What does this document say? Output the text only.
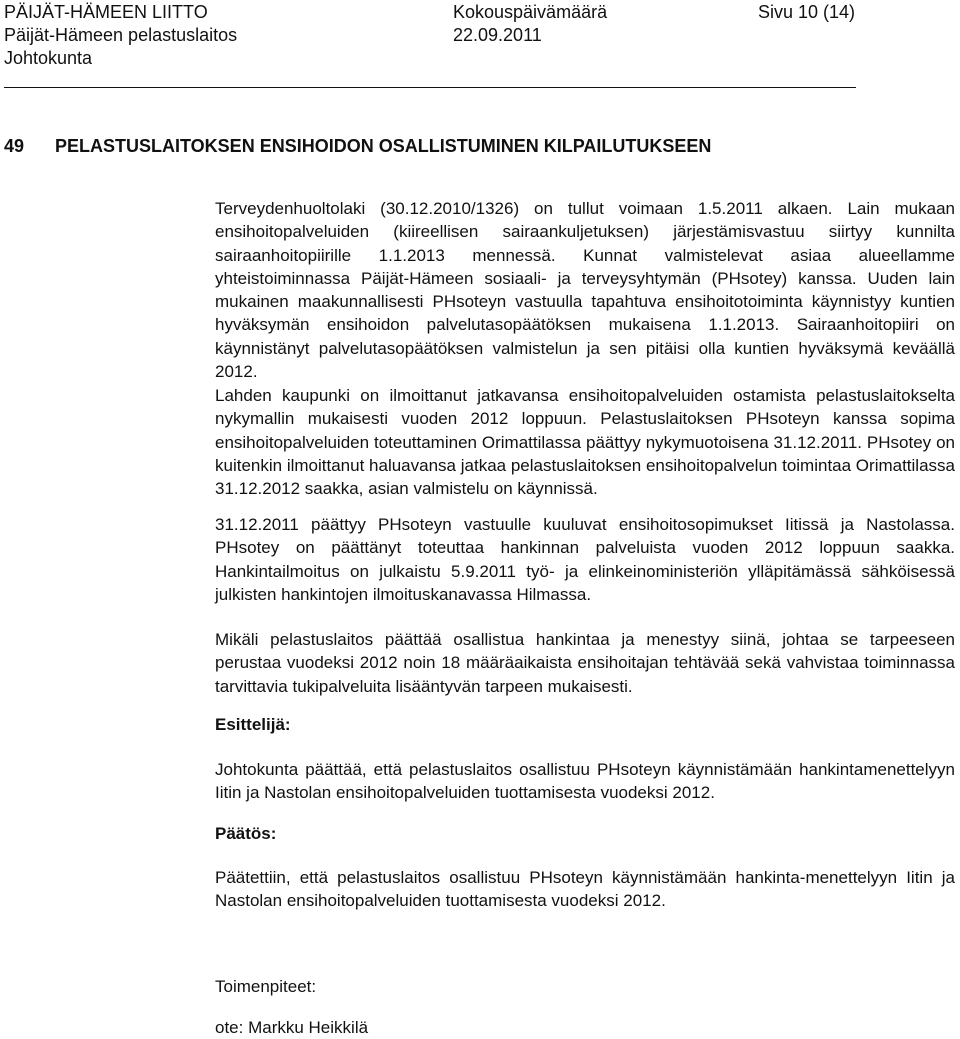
PÄIJÄT-HÄMEEN LIITTO
Päijät-Hämeen pelastuslaitos
Johtokunta
Kokouspäivämäärä
22.09.2011
Sivu 10 (14)
49 PELASTUSLAITOKSEN ENSIHOIDON OSALLISTUMINEN KILPAILUTUKSEEN
Terveydenhuoltolaki (30.12.2010/1326) on tullut voimaan 1.5.2011 alkaen. Lain mukaan ensihoitopalveluiden (kiireellisen sairaankuljetuksen) järjestämisvastuu siirtyy kunnilta sairaanhoitopiirille 1.1.2013 mennessä. Kunnat valmistelevat asiaa alueellamme yhteistoiminnassa Päijät-Hämeen sosiaali- ja terveysyhtymän (PHsotey) kanssa. Uuden lain mukainen maakunnallisesti PHsoteyn vastuulla tapahtuva ensihoitotoiminta käynnistyy kuntien hyväksymän ensihoidon palvelutasopäätöksen mukaisena 1.1.2013. Sairaanhoitopiiri on käynnistänyt palvelutasopäätöksen valmistelun ja sen pitäisi olla kuntien hyväksymä keväällä 2012.
Lahden kaupunki on ilmoittanut jatkavansa ensihoitopalveluiden ostamista pelastuslaitokselta nykymallin mukaisesti vuoden 2012 loppuun. Pelastuslaitoksen PHsoteyn kanssa sopima ensihoitopalveluiden toteuttaminen Orimattilassa päättyy nykymuotoisena 31.12.2011. PHsotey on kuitenkin ilmoittanut haluavansa jatkaa pelastuslaitoksen ensihoitopalvelun toimintaa Orimattilassa 31.12.2012 saakka, asian valmistelu on käynnissä.
31.12.2011 päättyy PHsoteyn vastuulle kuuluvat ensihoitosopimukset Iitissä ja Nastolassa. PHsotey on päättänyt toteuttaa hankinnan palveluista vuoden 2012 loppuun saakka. Hankintailmoitus on julkaistu 5.9.2011 työ- ja elinkeinoministeriön ylläpitämässä sähköisessä julkisten hankintojen ilmoituskanavassa Hilmassa.
Mikäli pelastuslaitos päättää osallistua hankintaa ja menestyy siinä, johtaa se tarpeeseen perustaa vuodeksi 2012 noin 18 määräaikaista ensihoitajan tehtävää sekä vahvistaa toiminnassa tarvittavia tukipalveluita lisääntyvän tarpeen mukaisesti.
Esittelijä:
Johtokunta päättää, että pelastuslaitos osallistuu PHsoteyn käynnistämään hankintamenettelyyn Iitin ja Nastolan ensihoitopalveluiden tuottamisesta vuodeksi 2012.
Päätös:
Päätettiin, että pelastuslaitos osallistuu PHsoteyn käynnistämään hankinta-menettelyyn Iitin ja Nastolan ensihoitopalveluiden tuottamisesta vuodeksi 2012.
Toimenpiteet:
ote: Markku Heikkilä
